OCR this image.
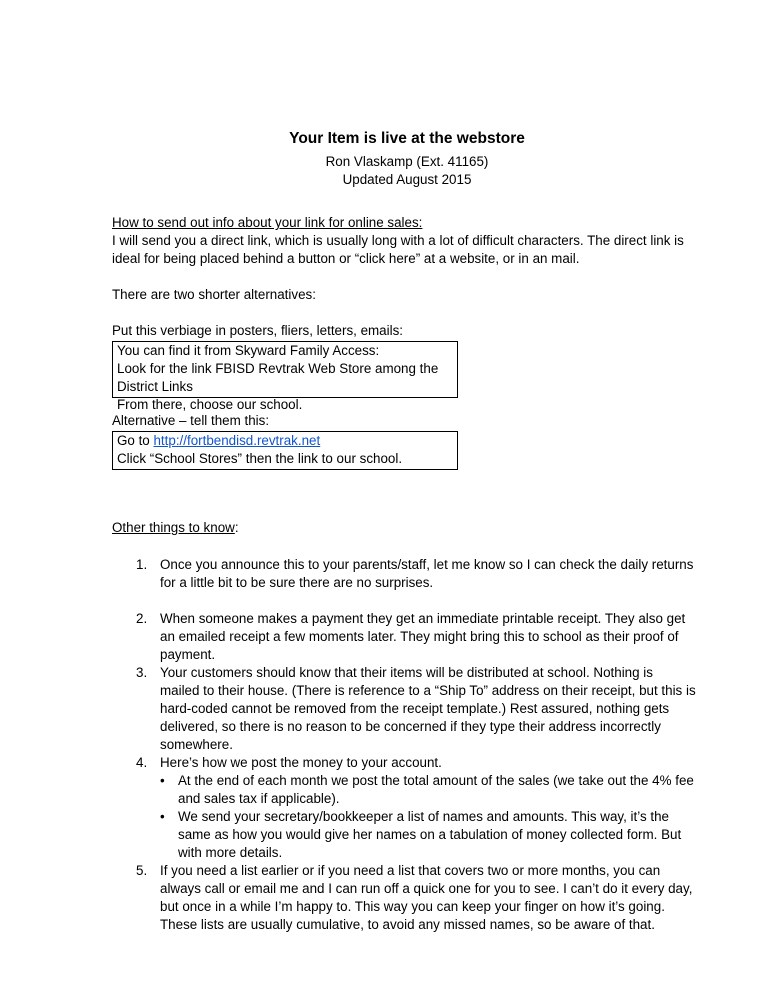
Your Item is live at the webstore
Ron Vlaskamp (Ext. 41165)
Updated August 2015
How to send out info about your link for online sales:
I will send you a direct link, which is usually long with a lot of difficult characters. The direct link is ideal for being placed behind a button or “click here” at a website, or in an mail.
There are two shorter alternatives:
Put this verbiage in posters, fliers, letters, emails:
You can find it from Skyward Family Access:
Look for the link FBISD Revtrak Web Store among the District Links
From there, choose our school.
Alternative – tell them this:
Go to http://fortbendisd.revtrak.net
Click “School Stores” then the link to our school.
Other things to know:
1. Once you announce this to your parents/staff, let me know so I can check the daily returns for a little bit to be sure there are no surprises.
2. When someone makes a payment they get an immediate printable receipt. They also get an emailed receipt a few moments later. They might bring this to school as their proof of payment.
3. Your customers should know that their items will be distributed at school. Nothing is mailed to their house. (There is reference to a “Ship To” address on their receipt, but this is hard-coded cannot be removed from the receipt template.) Rest assured, nothing gets delivered, so there is no reason to be concerned if they type their address incorrectly somewhere.
4. Here’s how we post the money to your account.
• At the end of each month we post the total amount of the sales (we take out the 4% fee and sales tax if applicable).
• We send your secretary/bookkeeper a list of names and amounts. This way, it’s the same as how you would give her names on a tabulation of money collected form. But with more details.
5. If you need a list earlier or if you need a list that covers two or more months, you can always call or email me and I can run off a quick one for you to see. I can’t do it every day, but once in a while I’m happy to. This way you can keep your finger on how it’s going. These lists are usually cumulative, to avoid any missed names, so be aware of that.
